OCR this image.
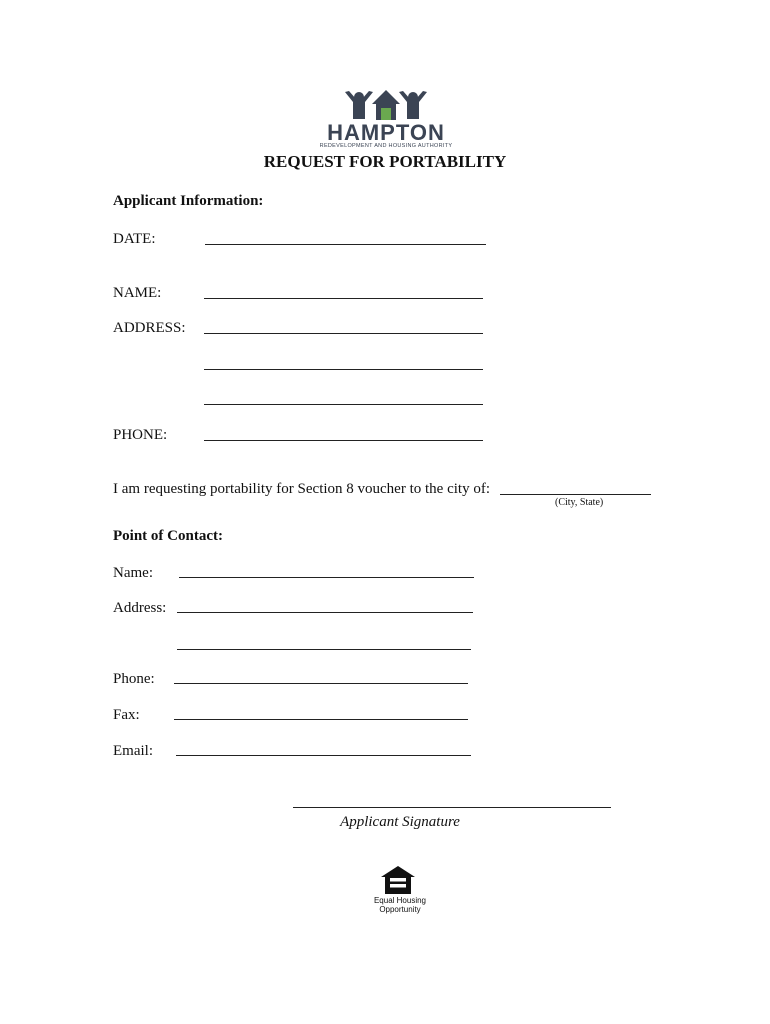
HAMPTON
REDEVELOPMENT AND HOUSING AUTHORITY
REQUEST FOR PORTABILITY
Applicant Information:
DATE:
NAME:
ADDRESS:
PHONE:
I am requesting portability for Section 8 voucher to the city of:
(City, State)
Point of Contact:
Name:
Address:
Phone:
Fax:
Email:
Applicant Signature
Equal Housing
Opportunity
